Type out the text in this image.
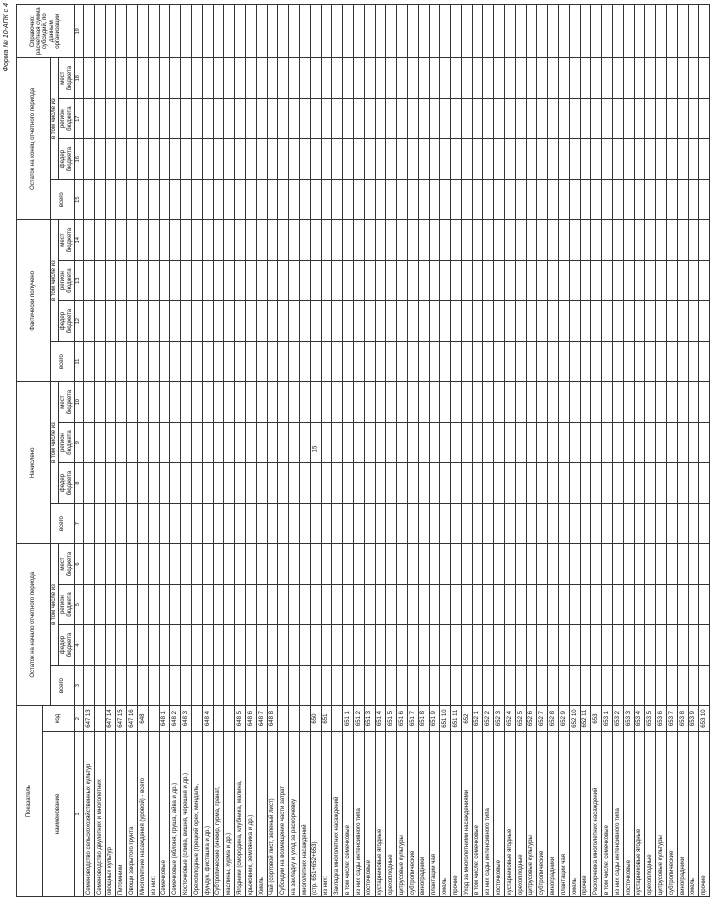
15
Форма № 10-АПК с 4
Показатель		Остаток на начало отчетного периода				Начислено				Фактически получено				Остаток на конец отчетного периода				Справочно: расчетная сумма субсидий, по данным организации
наименование	код																	
		всего	в том числе из			всего	в том числе из			всего	в том числе из			всего	в том числе из			
			федер бюджета	регион бюджета	мест бюджета		федер бюджета	регион бюджета	мест бюджета		федер бюджета	регион бюджета	мест бюджета		федер бюджета	регион бюджета	мест бюджета	
1	2	3	4	5	6	7	8	9	10	11	12	13	14	15	16	17	18	19
Семеноводство сельскохозяйственных культур	647 13																	
Семеноводство двулетних и многолетних																		
овощных культур	647 14																	
Питомники	647 15																	
Овощи закрытого грунта	647 16																	
Многолетние насаждения (уровой) - всего	648																	
из них:																		
Семечковые	648 1																	
Семечковые (яблоня, груша, айва и др.)	648 2																	
Косточковые (слива, вишня, черешня и др.)	648 3																	
Орехоплодные (грецкий орех, миндаль,																		
фундук, фисташка и др.)	648 4																	
Субтропические (инжир, гурма, гранат,																		
маслины, хурма и др.)																		
Ягодники (смородина, клубника, малина,	648 5																	
крыжовник, земляника и др.)	648 6																	
Хмель	648 7																	
Чай (сортовой лист, зеленый лист)	648 8																	
Субсидии на возмещение части затрат																		
на закладку и уход за раскорчевку																		
многолетних насаждений																		
(стр. 651+652+653)	650																	
из них:	651																	
Закладка многолетних насаждений																		
в том числе: семечковые	651 1																	
из них сады интенсивного типа	651 2																	
косточковые	651 3																	
кустарниковые ягодные	651 4																	
орехоплодные	651 5																	
цитрусовые культуры	651 6																	
субтропические	651 7																	
виноградники	651 8																	
плантации чая	651 9																	
хмель	651 10																	
прочие	651 11																	
Уход за многолетними насаждениями	652																	
в том числе: семечковые	652 1																	
из них сады интенсивного типа	652 2																	
косточковые	652 3																	
кустарниковые ягодные	652 4																	
орехоплодные	652 5																	
цитрусовые культуры	652 6																	
субтропические	652 7																	
виноградники	652 8																	
плантации чая	652 9																	
хмель	652 10																	
прочие	652 11																	
Раскорчевка многолетних насаждений	653																	
в том числе: семечковые	653 1																	
из них сады интенсивного типа	653 2																	
косточковые	653 3																	
кустарниковые ягодные	653 4																	
орехоплодные	653 5																	
цитрусовые культуры	653 6																	
субтропические	653 7																	
виноградники	653 8																	
хмель	653 9																	
прочие	653 10																	
